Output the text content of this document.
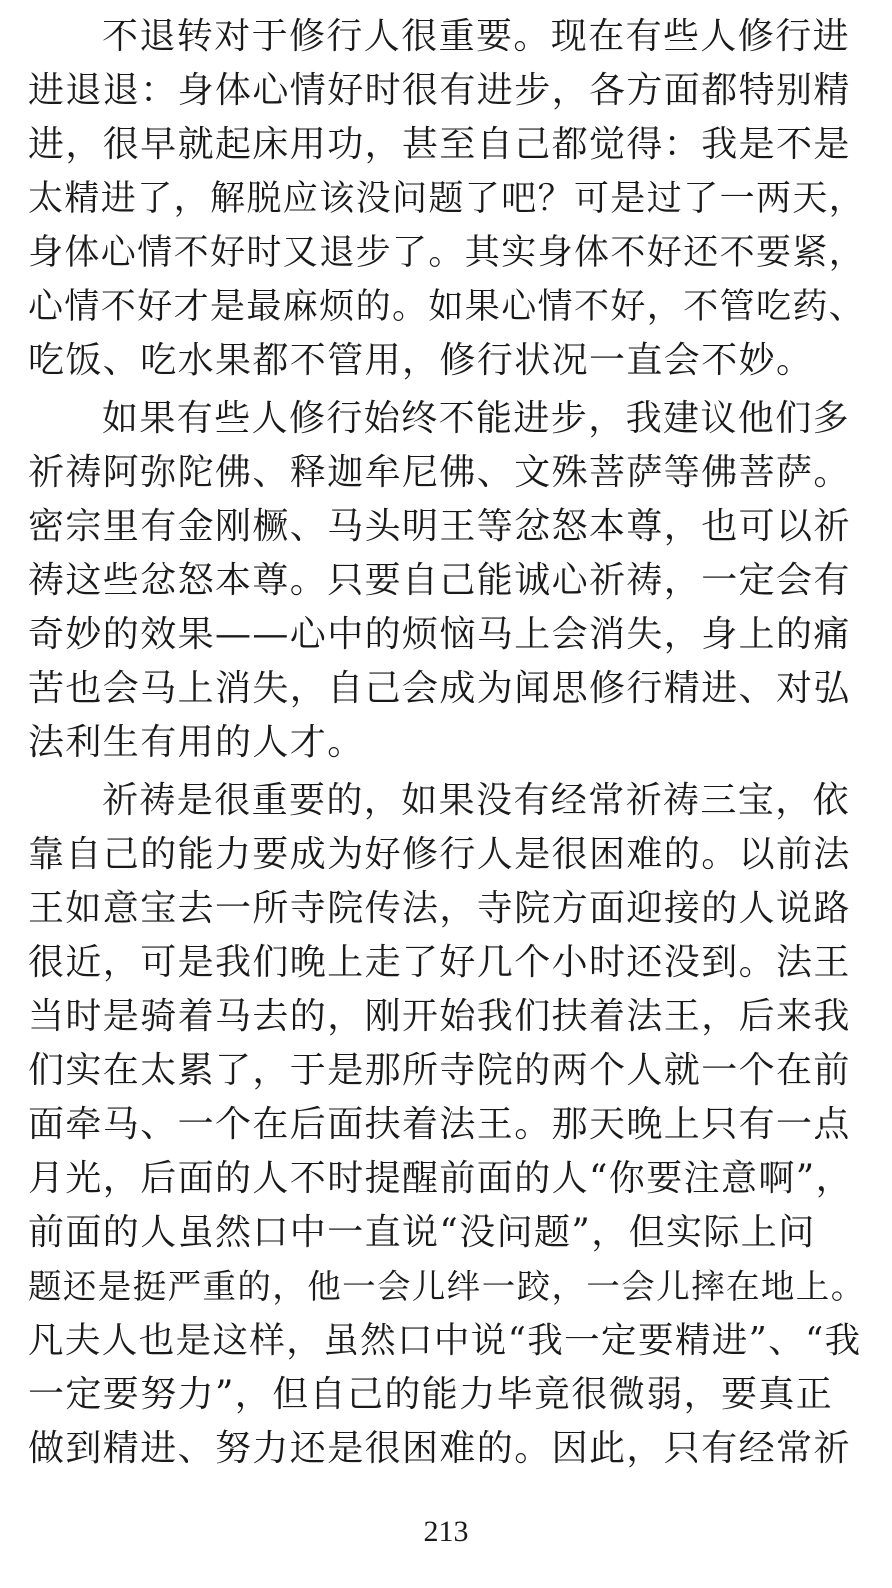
不退转对于修行人很重要。现在有些人修行进
进退退：身体心情好时很有进步，各方面都特别精
进，很早就起床用功，甚至自己都觉得：我是不是
太精进了，解脱应该没问题了吧？可是过了一两天，
身体心情不好时又退步了。其实身体不好还不要紧，
心情不好才是最麻烦的。如果心情不好，不管吃药、
吃饭、吃水果都不管用，修行状况一直会不妙。
如果有些人修行始终不能进步，我建议他们多
祈祷阿弥陀佛、释迦牟尼佛、文殊菩萨等佛菩萨。
密宗里有金刚橛、马头明王等忿怒本尊，也可以祈
祷这些忿怒本尊。只要自己能诚心祈祷，一定会有
奇妙的效果——心中的烦恼马上会消失，身上的痛
苦也会马上消失，自己会成为闻思修行精进、对弘
法利生有用的人才。
祈祷是很重要的，如果没有经常祈祷三宝，依
靠自己的能力要成为好修行人是很困难的。以前法
王如意宝去一所寺院传法，寺院方面迎接的人说路
很近，可是我们晚上走了好几个小时还没到。法王
当时是骑着马去的，刚开始我们扶着法王，后来我
们实在太累了，于是那所寺院的两个人就一个在前
面牵马、一个在后面扶着法王。那天晚上只有一点
月光，后面的人不时提醒前面的人“你要注意啊”，
前面的人虽然口中一直说“没问题”，但实际上问
题还是挺严重的，他一会儿绊一跤，一会儿摔在地上。
凡夫人也是这样，虽然口中说“我一定要精进”、“我
一定要努力”，但自己的能力毕竟很微弱，要真正
做到精进、努力还是很困难的。因此，只有经常祈
213
